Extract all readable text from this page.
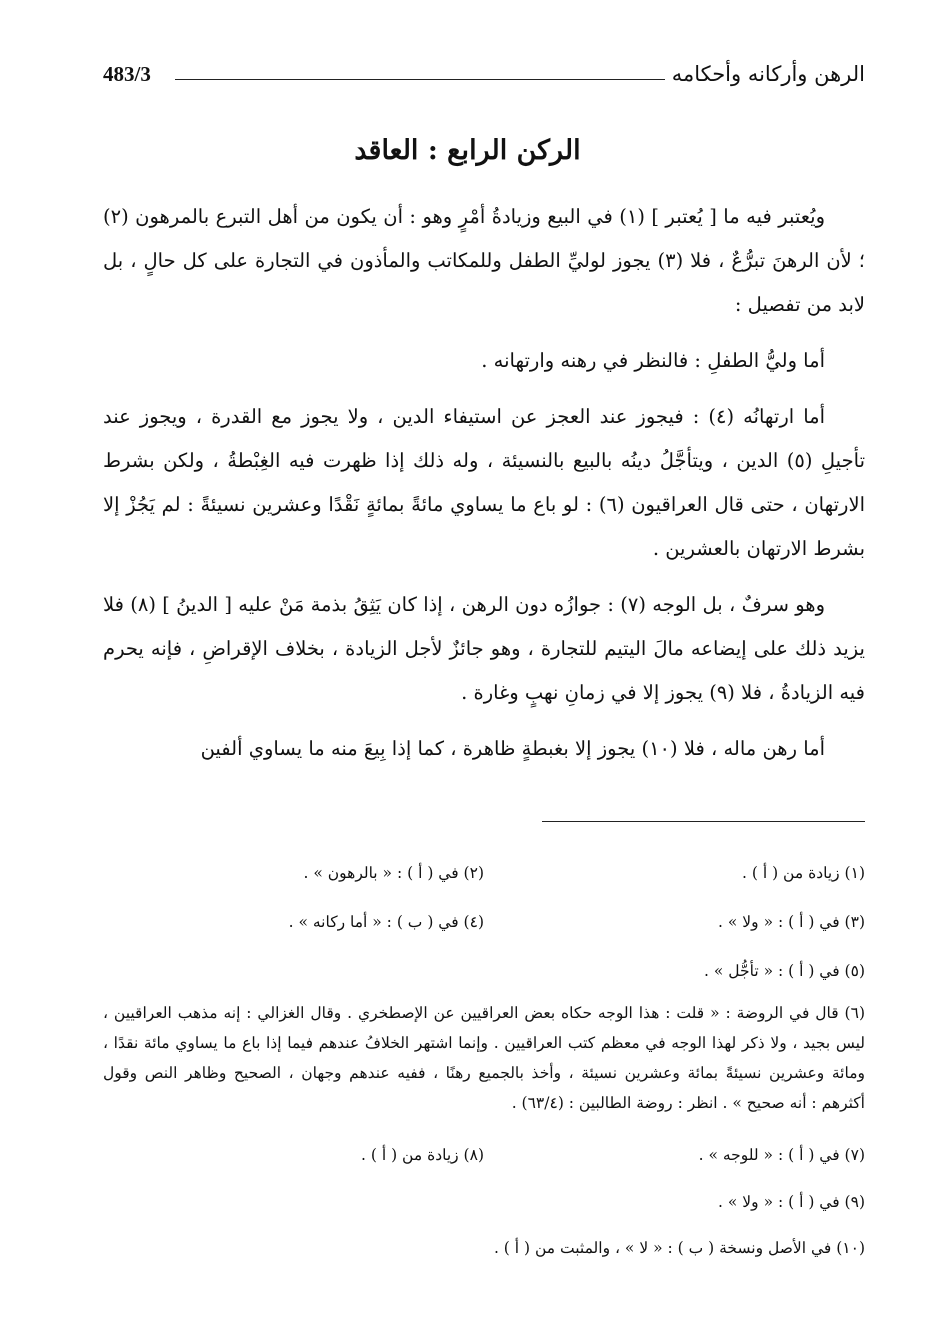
483/3	الرهن وأركانه وأحكامه
الركن الرابع : العاقد

ويُعتبر فيه ما [ يُعتبر ] (١) في البيع وزيادةُ أمْرٍ وهو : أن يكون من أهل التبرع بالمرهون (٢) ؛ لأن الرهنَ تبرُّعٌ ، فلا (٣) يجوز لوليِّ الطفل وللمكاتب والمأذون في التجارة على كل حالٍ ، بل لابد من تفصيل :

أما وليُّ الطفلِ : فالنظر في رهنه وارتهانه .

أما ارتهانُه (٤) : فيجوز عند العجز عن استيفاء الدين ، ولا يجوز مع القدرة ، ويجوز عند تأجيلِ (٥) الدين ، ويتأجَّلُ دينُه بالبيع بالنسيئة ، وله ذلك إذا ظهرت فيه الغِبْطةُ ، ولكن بشرط الارتهان ، حتى قال العراقيون (٦) : لو باع ما يساوي مائةً بمائةٍ نَقْدًا وعشرين نسيئةً : لم يَجُزْ إلا بشرط الارتهان بالعشرين .

وهو سرفٌ ، بل الوجه (٧) : جوازُه دون الرهن ، إذا كان يَثِقُ بذمة مَنْ عليه [ الدينُ ] (٨) فلا يزيد ذلك على إيضاعه مالَ اليتيم للتجارة ، وهو جائزٌ لأجل الزيادة ، بخلاف الإقراضِ ، فإنه يحرم فيه الزيادةُ ، فلا (٩) يجوز إلا في زمانِ نهبٍ وغارة .

أما رهن ماله ، فلا (١٠) يجوز إلا بغبطةٍ ظاهرة ، كما إذا بِيعَ منه ما يساوي ألفين

(١) زيادة من ( أ ) .
(٢) في ( أ ) : « بالرهون » .
(٣) في ( أ ) : « ولا » .
(٤) في ( ب ) : « أما ركانه » .
(٥) في ( أ ) : « تأجُّل » .
(٦) قال في الروضة : « قلت : هذا الوجه حكاه بعض العراقيين عن الإصطخري . وقال الغزالي : إنه مذهب العراقيين ، ليس بجيد ، ولا ذكر لهذا الوجه في معظم كتب العراقيين . وإنما اشتهر الخلافُ عندهم فيما إذا باع ما يساوي مائة نقدًا ، ومائة وعشرين نسيئةً بمائة وعشرين نسيئة ، وأخذ بالجميع رهنًا ، ففيه عندهم وجهان ، الصحيح وظاهر النص وقول أكثرهم : أنه صحيح » . انظر : روضة الطالبين : (٦٣/٤) .
(٧) في ( أ ) : « للوجه » .
(٨) زيادة من ( أ ) .
(٩) في ( أ ) : « ولا » .
(١٠) في الأصل ونسخة ( ب ) : « لا » ، والمثبت من ( أ ) .
